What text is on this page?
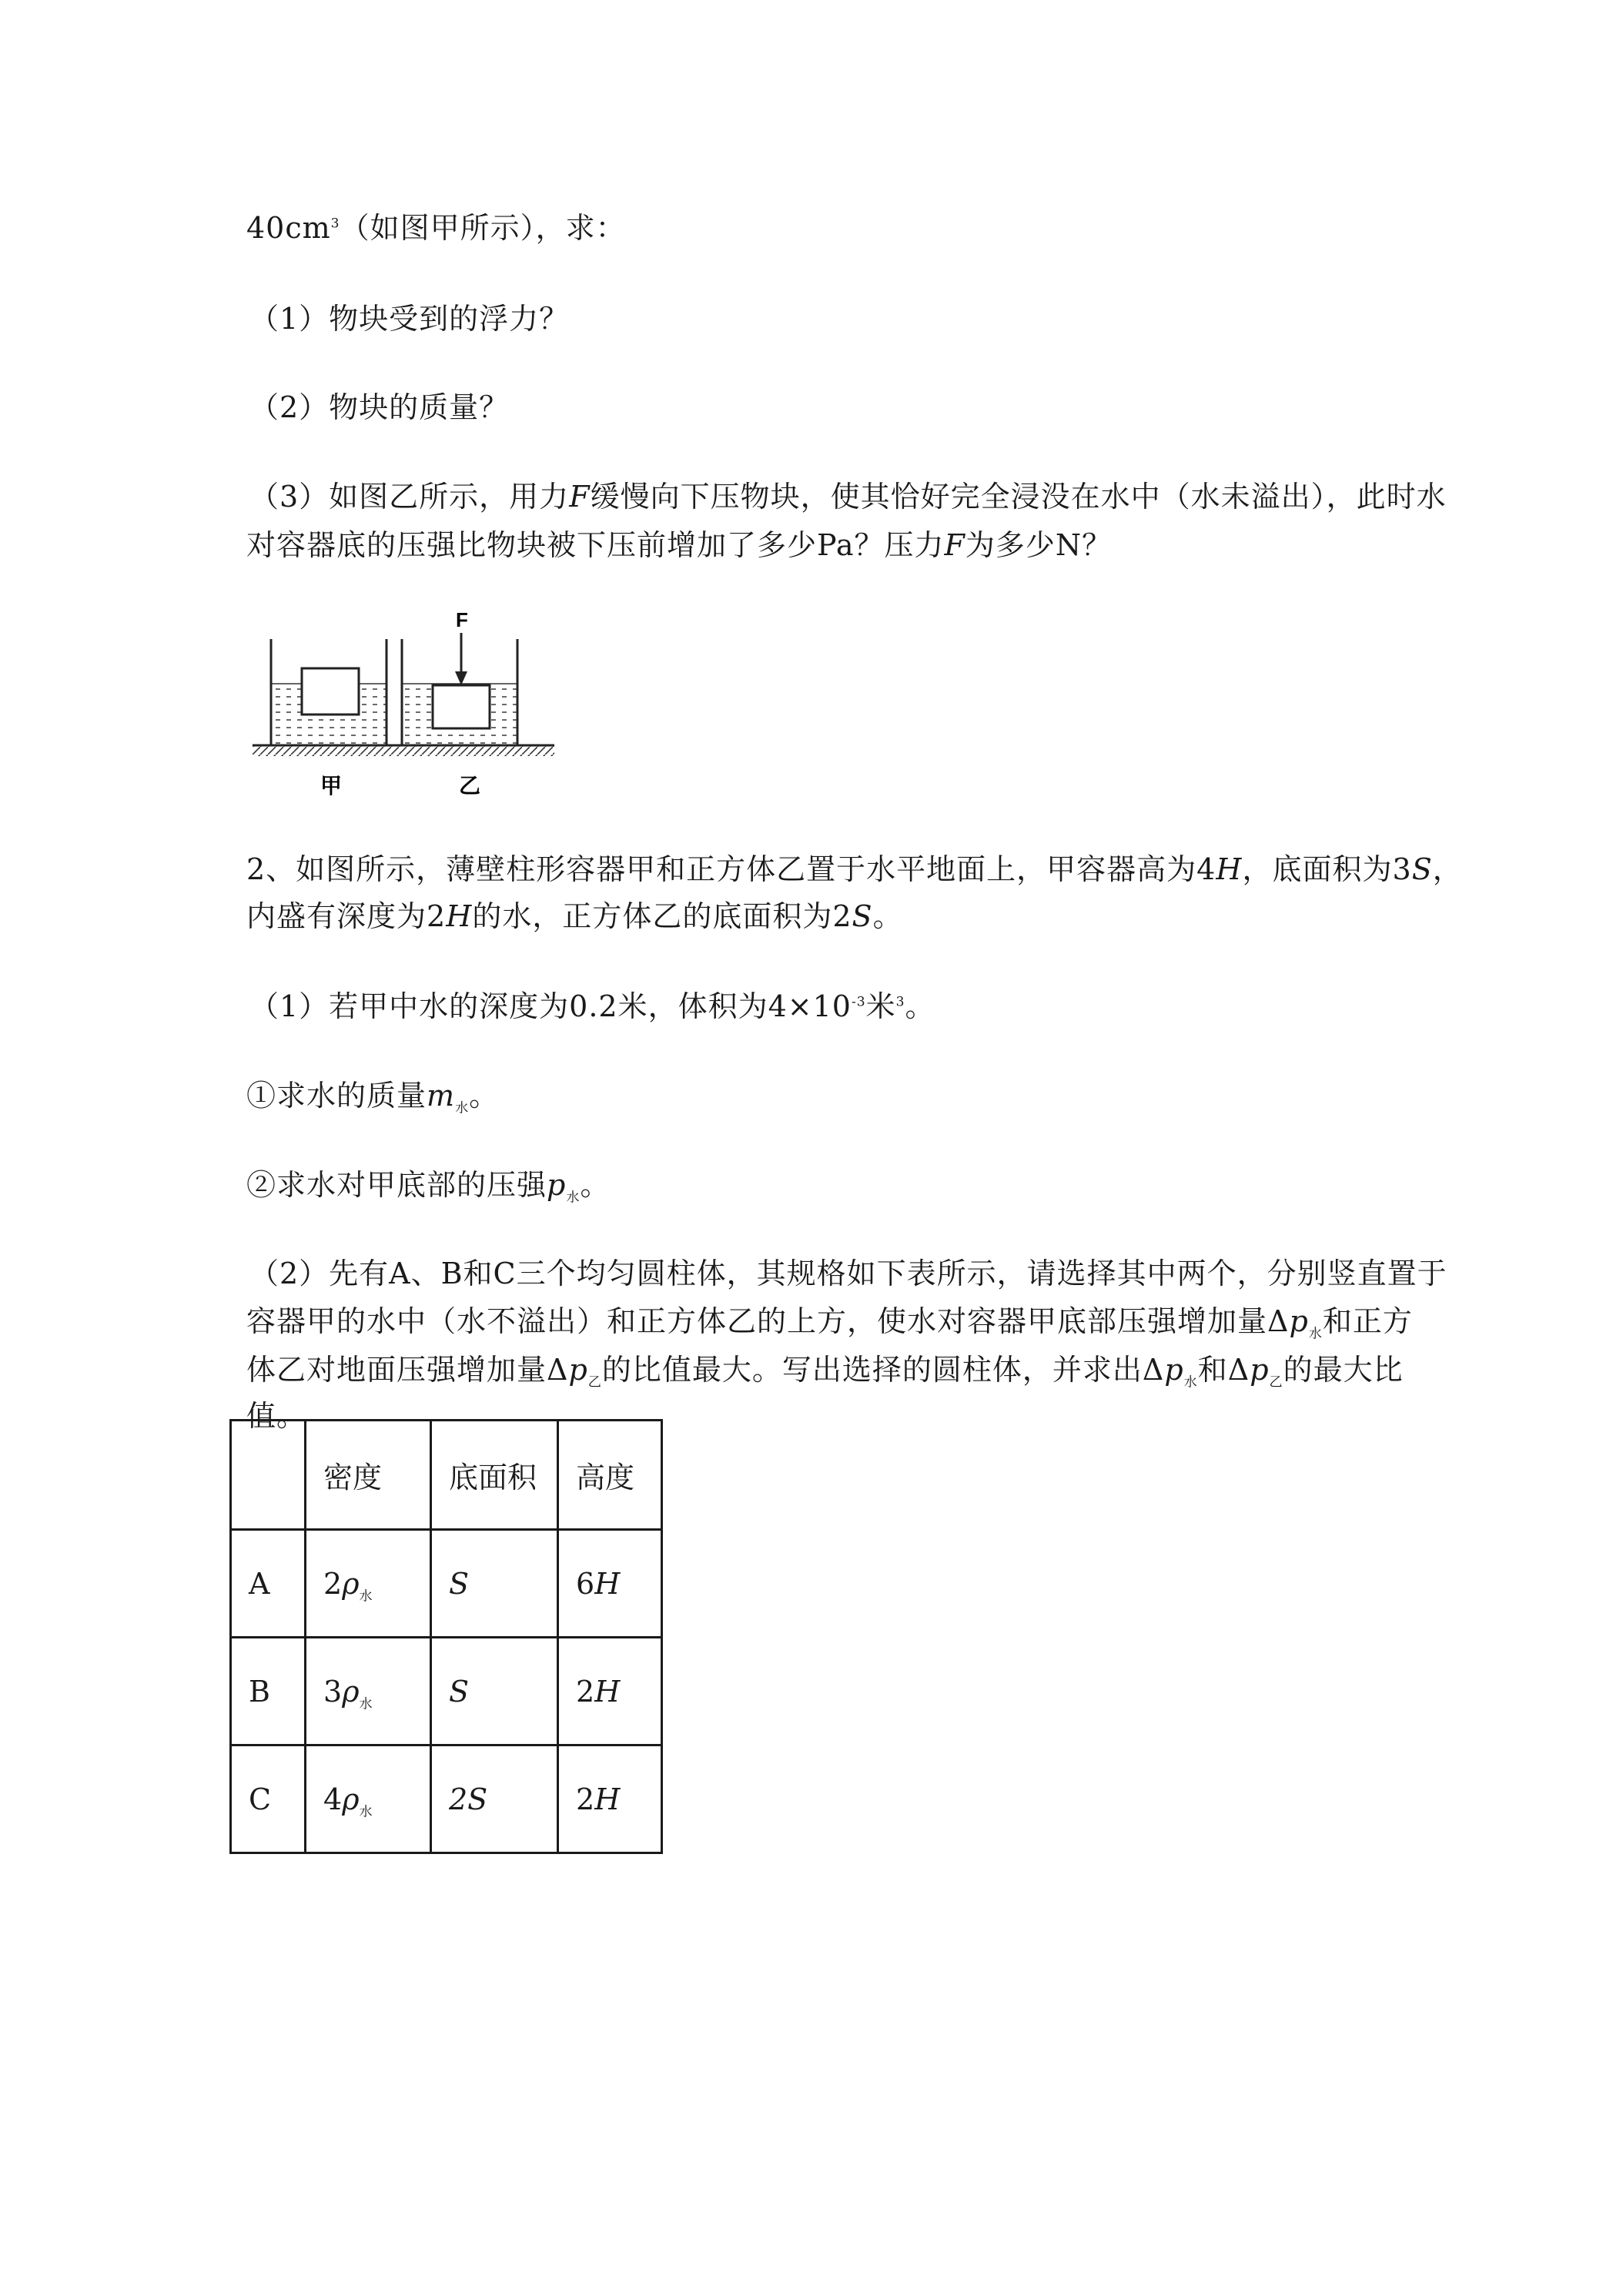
$40cm^3$（如图甲所示），求：
（1）物块受到的浮力？
（2）物块的质量？
（3）如图乙所示，用力F缓慢向下压物块，使其恰好完全浸没在水中（水未溢出），此时水
对容器底的压强比物块被下压前增加了多少Pa？压力F为多少N？
F
甲	乙
2、如图所示，薄壁柱形容器甲和正方体乙置于水平地面上，甲容器高为4H，底面积为3S，
内盛有深度为2H的水，正方体乙的底面积为2S。
（1）若甲中水的深度为0.2米，体积为$4\times 10^{-3}$米$^3$。
①求水的质量$m_水$。
②求水对甲底部的压强$p_水$。
（2）先有A、B和C三个均匀圆柱体，其规格如下表所示，请选择其中两个，分别竖直置于
容器甲的水中（水不溢出）和正方体乙的上方，使水对容器甲底部压强增加量$\Delta p_水$和正方
体乙对地面压强增加量$\Delta p_乙$的比值最大。写出选择的圆柱体，并求出$\Delta p_水$和$\Delta p_乙$的最大比
值。
	密度	底面积	高度
A	$2\rho_水$	S	6H
B	$3\rho_水$	S	2H
C	$4\rho_水$	2S	2H
